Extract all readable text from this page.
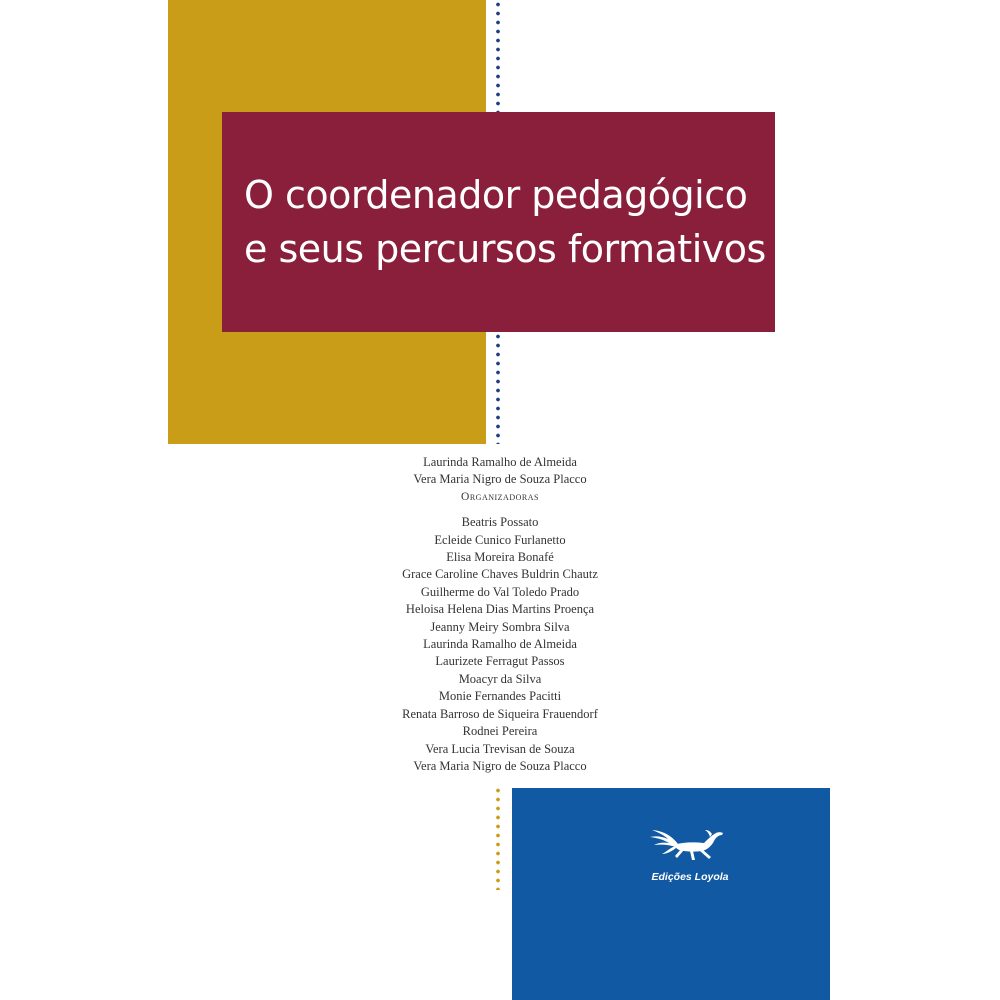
O coordenador pedagógico
e seus percursos formativos
Laurinda Ramalho de Almeida
Vera Maria Nigro de Souza Placco
Organizadoras
Beatris Possato
Ecleide Cunico Furlanetto
Elisa Moreira Bonafé
Grace Caroline Chaves Buldrin Chautz
Guilherme do Val Toledo Prado
Heloisa Helena Dias Martins Proença
Jeanny Meiry Sombra Silva
Laurinda Ramalho de Almeida
Laurizete Ferragut Passos
Moacyr da Silva
Monie Fernandes Pacitti
Renata Barroso de Siqueira Frauendorf
Rodnei Pereira
Vera Lucia Trevisan de Souza
Vera Maria Nigro de Souza Placco
Edições Loyola
